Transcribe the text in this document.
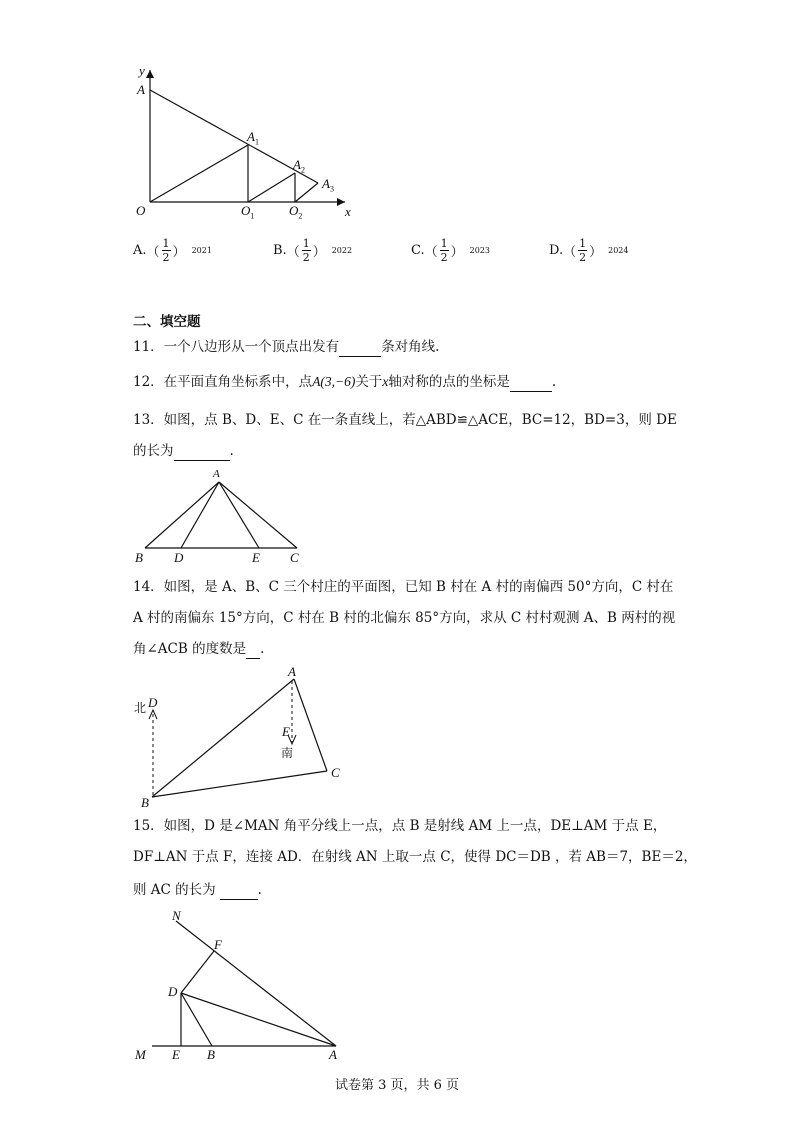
y
x
A
O
$A_1$
$A_2$
$A_3$
$O_1$	$O_2$
A. （ $\frac{1}{2}$ ） 2021	B. （ $\frac{1}{2}$ ） 2022	C. （ $\frac{1}{2}$ ） 2023	D. （ $\frac{1}{2}$ ） 2024
二、填空题
11．一个八边形从一个顶点出发有	条对角线.
12．在平面直角坐标系中，点A(3,−6)关于x轴对称的点的坐标是	.
13．如图，点 B、D、E、C 在一条直线上，若△ABD≌△ACE，BC=12，BD=3，则 DE
的长为	.
A
B D	E C
14．如图，是 A、B、C 三个村庄的平面图，已知 B 村在 A 村的南偏西 50°方向，C 村在
A 村的南偏东 15°方向，C 村在 B 村的北偏东 85°方向，求从 C 村村观测 A、B 两村的视
角∠ACB 的度数是 .
北 D
A
E
南
C
B
15．如图，D 是∠MAN 角平分线上一点，点 B 是射线 AM 上一点，DE⊥AM 于点 E，
DF⊥AN 于点 F，连接 AD．在射线 AN 上取一点 C，使得 DC＝DB ，若 AB＝7，BE＝2，
则 AC 的长为	.
N
F
D
M E B	A
试卷第 3 页，共 6 页
